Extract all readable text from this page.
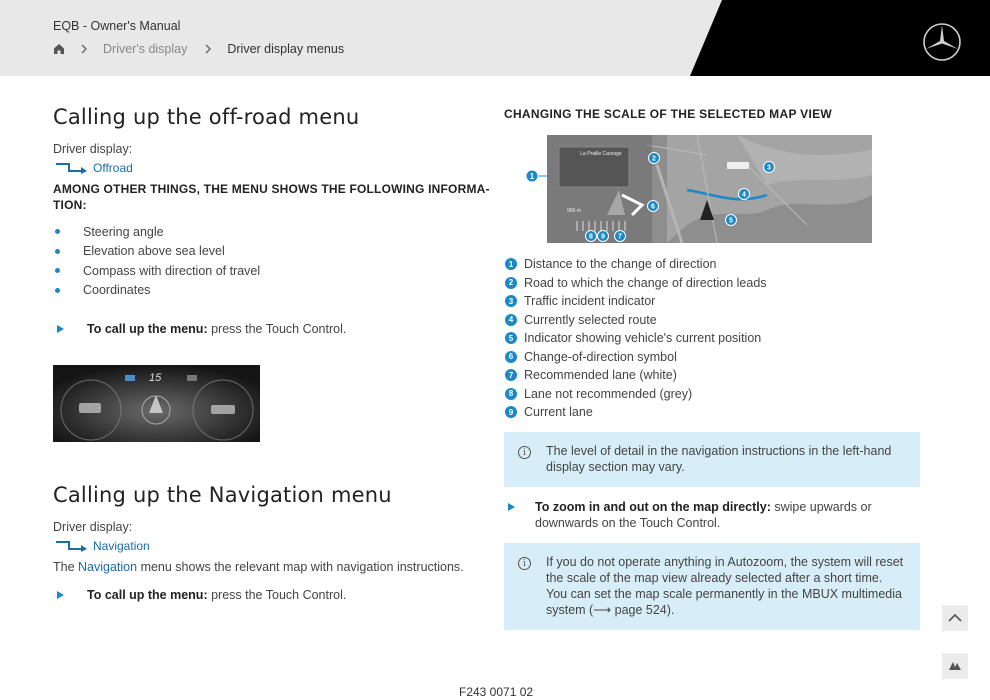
EQB - Owner's Manual
Driver's display	Driver display menus
Calling up the off-road menu
Driver display:
Offroad
AMONG OTHER THINGS, THE MENU SHOWS THE FOLLOWING INFORMA-
TION:
Steering angle
Elevation above sea level
Compass with direction of travel
Coordinates
To call up the menu: press the Touch Control.
15
Calling up the Navigation menu
Driver display:
Navigation
The Navigation menu shows the relevant map with navigation instructions.
To call up the menu: press the Touch Control.
CHANGING THE SCALE OF THE SELECTED MAP VIEW
1
La Praille Carouge
900 m
2
3
4
5
6
7
8 9
1 Distance to the change of direction
2 Road to which the change of direction leads
3 Traffic incident indicator
4 Currently selected route
5 Indicator showing vehicle's current position
6 Change-of-direction symbol
7 Recommended lane (white)
8 Lane not recommended (grey)
9 Current lane
i	The level of detail in the navigation instructions in the left-hand display section may vary.
To zoom in and out on the map directly: swipe upwards or downwards on the Touch Control.
i	If you do not operate anything in Autozoom, the system will reset the scale of the map view already selected after a short time.
You can set the map scale permanently in the MBUX multimedia system (⟶ page 524).
F243 0071 02
